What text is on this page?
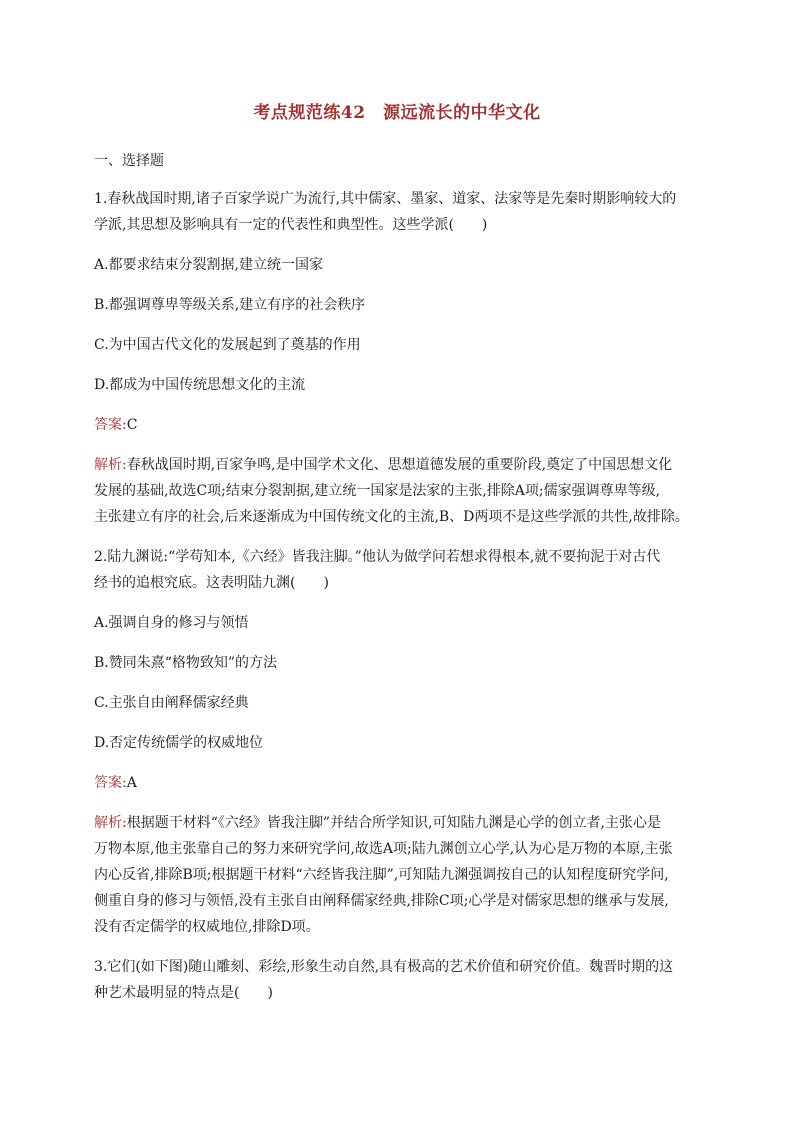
考点规范练42　源远流长的中华文化

一、选择题

1.春秋战国时期,诸子百家学说广为流行,其中儒家、墨家、道家、法家等是先秦时期影响较大的

学派,其思想及影响具有一定的代表性和典型性。这些学派(　　)

A.都要求结束分裂割据,建立统一国家

B.都强调尊卑等级关系,建立有序的社会秩序

C.为中国古代文化的发展起到了奠基的作用

D.都成为中国传统思想文化的主流

答案:C

解析:春秋战国时期,百家争鸣,是中国学术文化、思想道德发展的重要阶段,奠定了中国思想文化

发展的基础,故选C项;结束分裂割据,建立统一国家是法家的主张,排除A项;儒家强调尊卑等级,

主张建立有序的社会,后来逐渐成为中国传统文化的主流,B、D两项不是这些学派的共性,故排除。

2.陆九渊说:“学苟知本,《六经》皆我注脚。”他认为做学问若想求得根本,就不要拘泥于对古代

经书的追根究底。这表明陆九渊(　　)

A.强调自身的修习与领悟

B.赞同朱熹“格物致知”的方法

C.主张自由阐释儒家经典

D.否定传统儒学的权威地位

答案:A

解析:根据题干材料“《六经》皆我注脚”并结合所学知识,可知陆九渊是心学的创立者,主张心是

万物本原,他主张靠自己的努力来研究学问,故选A项;陆九渊创立心学,认为心是万物的本原,主张

内心反省,排除B项;根据题干材料“六经皆我注脚”,可知陆九渊强调按自己的认知程度研究学问,

侧重自身的修习与领悟,没有主张自由阐释儒家经典,排除C项;心学是对儒家思想的继承与发展,

没有否定儒学的权威地位,排除D项。

3.它们(如下图)随山雕刻、彩绘,形象生动自然,具有极高的艺术价值和研究价值。魏晋时期的这

种艺术最明显的特点是(　　)
